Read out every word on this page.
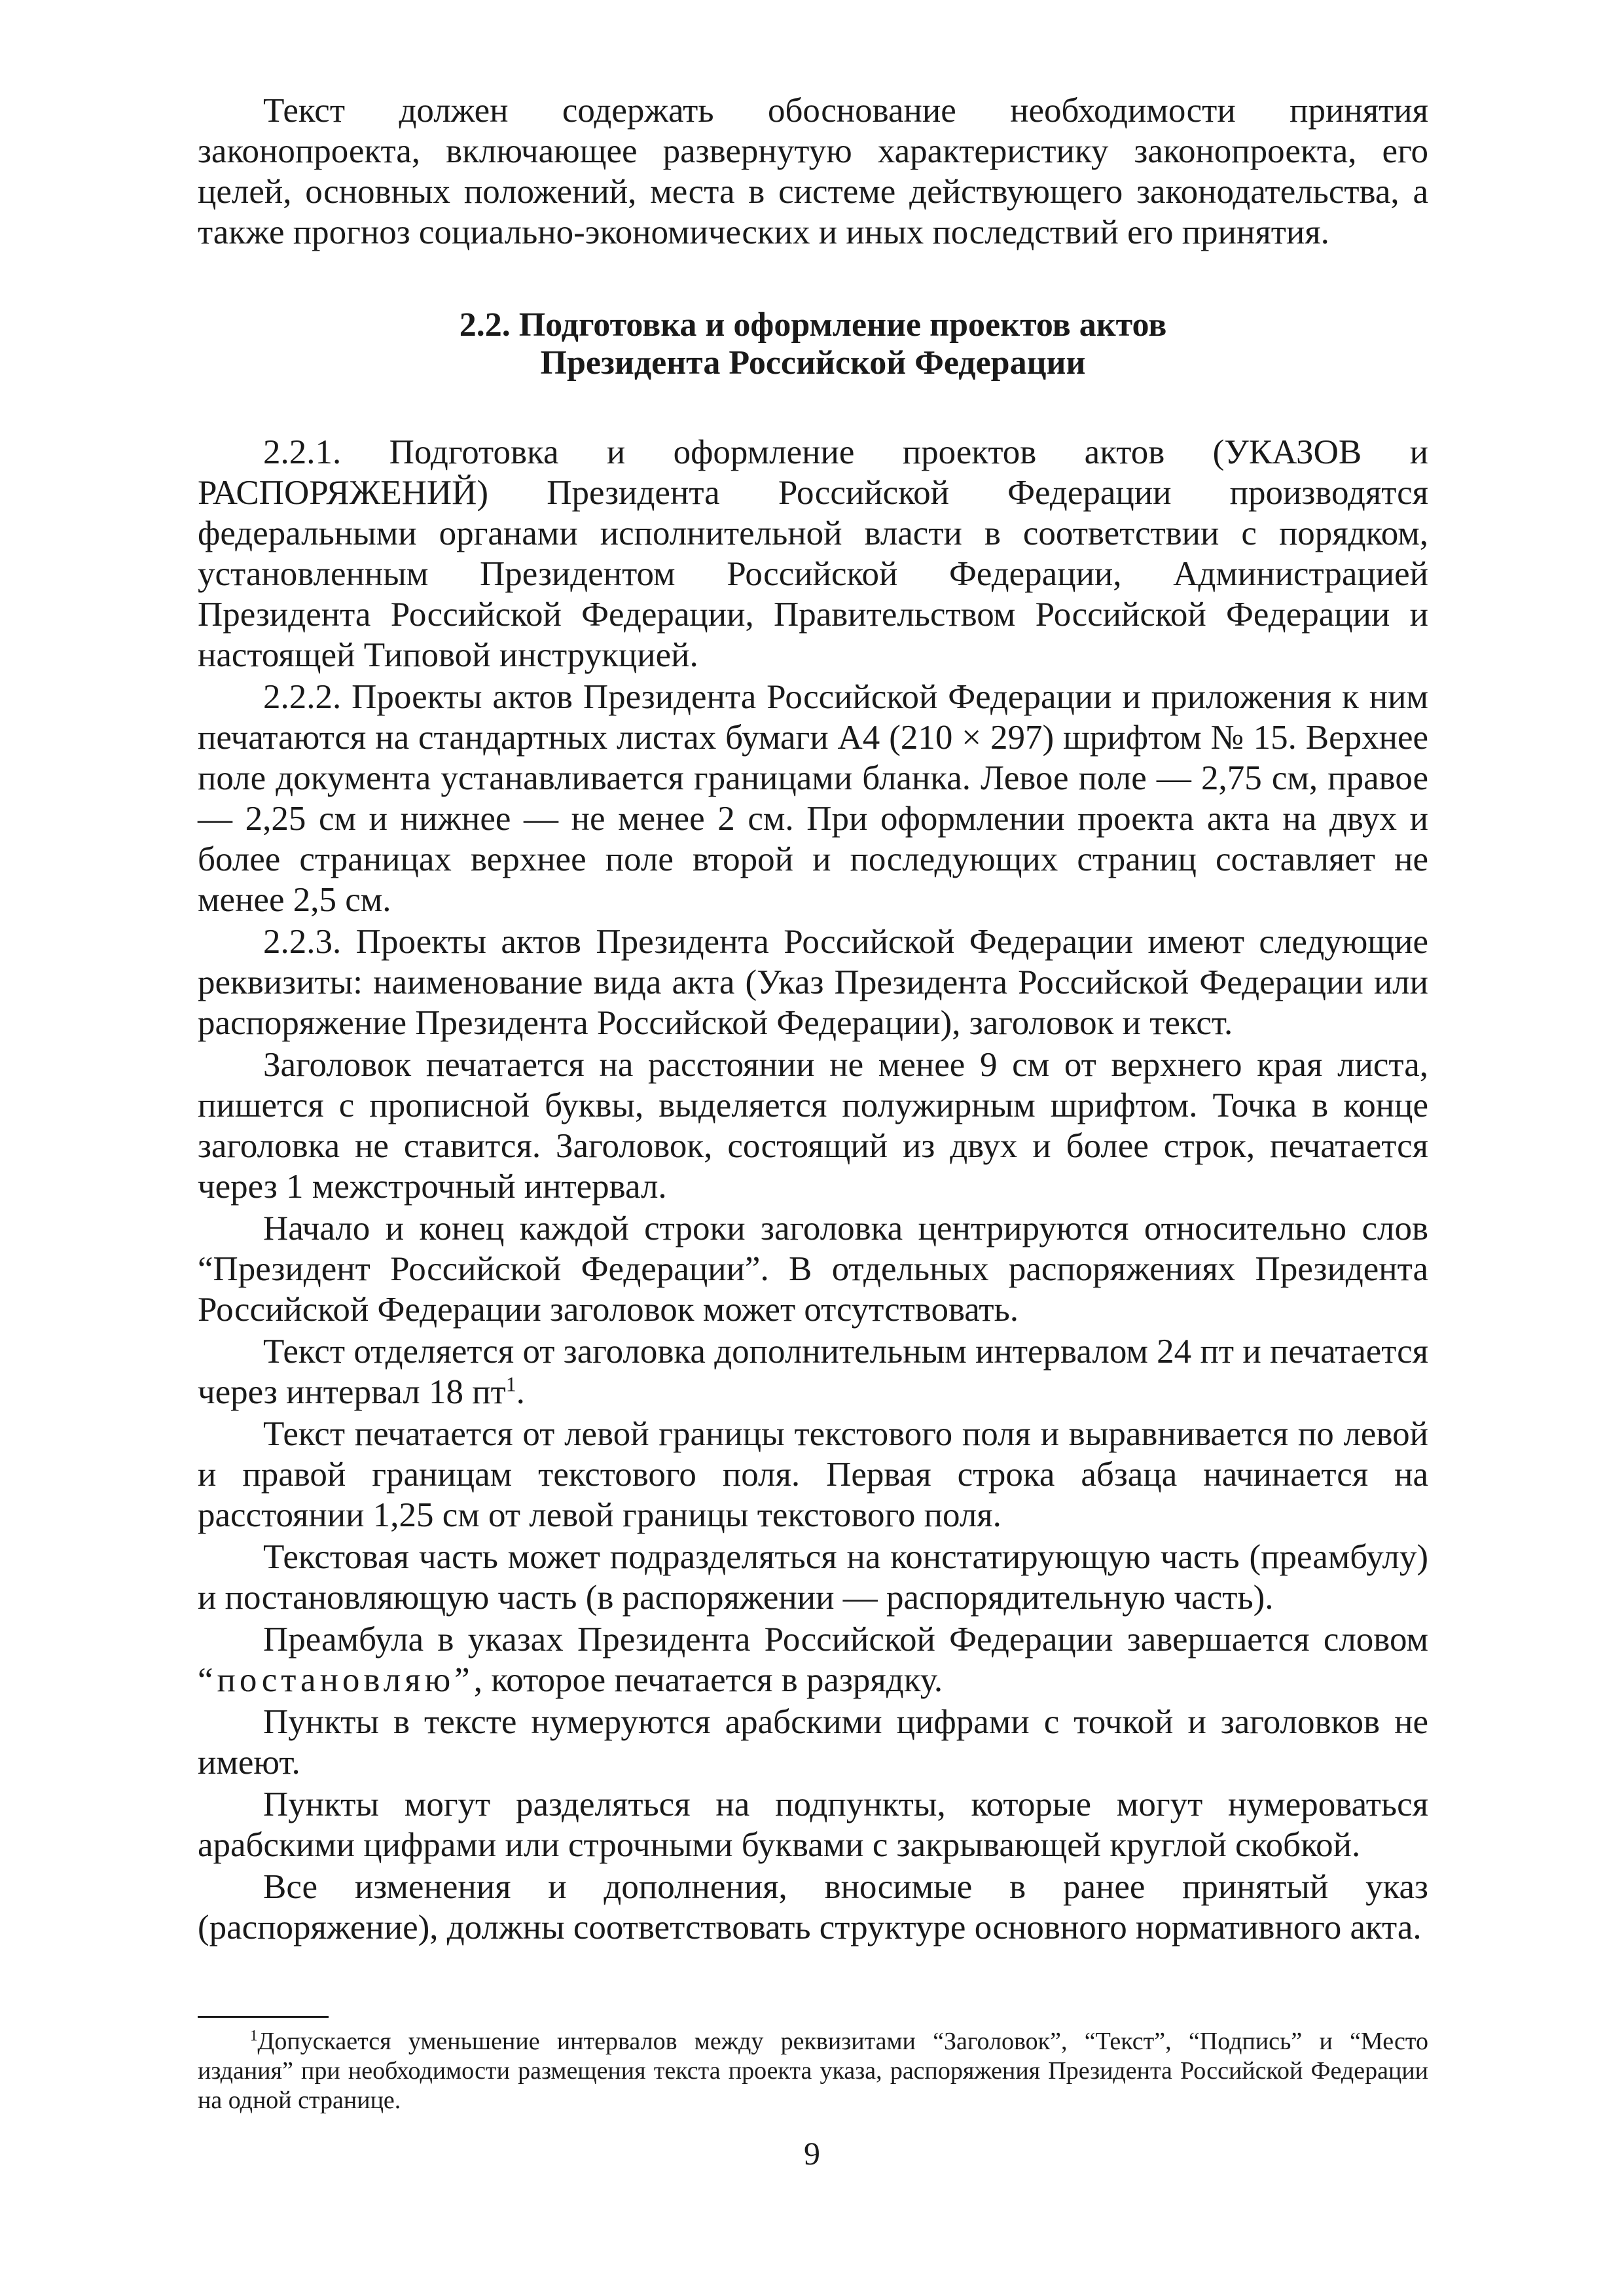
Текст должен содержать обоснование необходимости принятия законопроекта, включающее развернутую характеристику законопроекта, его целей, основных положений, места в системе действующего законодательства, а также прогноз социально-экономических и иных последствий его принятия.

2.2. Подготовка и оформление проектов актов
Президента Российской Федерации

2.2.1. Подготовка и оформление проектов актов (УКАЗОВ и РАСПОРЯЖЕНИЙ) Президента Российской Федерации производятся федеральными органами исполнительной власти в соответствии с порядком, установленным Президентом Российской Федерации, Администрацией Президента Российской Федерации, Правительством Российской Федерации и настоящей Типовой инструкцией.

2.2.2. Проекты актов Президента Российской Федерации и приложения к ним печатаются на стандартных листах бумаги А4 (210 × 297) шрифтом № 15. Верхнее поле документа устанавливается границами бланка. Левое поле — 2,75 см, правое — 2,25 см и нижнее — не менее 2 см. При оформлении проекта акта на двух и более страницах верхнее поле второй и последующих страниц составляет не менее 2,5 см.

2.2.3. Проекты актов Президента Российской Федерации имеют следующие реквизиты: наименование вида акта (Указ Президента Российской Федерации или распоряжение Президента Российской Федерации), заголовок и текст.

Заголовок печатается на расстоянии не менее 9 см от верхнего края листа, пишется с прописной буквы, выделяется полужирным шрифтом. Точка в конце заголовка не ставится. Заголовок, состоящий из двух и более строк, печатается через 1 межстрочный интервал.

Начало и конец каждой строки заголовка центрируются относительно слов “Президент Российской Федерации”. В отдельных распоряжениях Президента Российской Федерации заголовок может отсутствовать.

Текст отделяется от заголовка дополнительным интервалом 24 пт и печатается через интервал 18 $пт^1$.

Текст печатается от левой границы текстового поля и выравнивается по левой и правой границам текстового поля. Первая строка абзаца начинается на расстоянии 1,25 см от левой границы текстового поля.

Текстовая часть может подразделяться на констатирующую часть (преамбулу) и постановляющую часть (в распоряжении — распорядительную часть).

Преамбула в указах Президента Российской Федерации завершается словом “постановляю”, которое печатается в разрядку.

Пункты в тексте нумеруются арабскими цифрами с точкой и заголовков не имеют.

Пункты могут разделяться на подпункты, которые могут нумероваться арабскими цифрами или строчными буквами с закрывающей круглой скобкой.

Все изменения и дополнения, вносимые в ранее принятый указ (распоряжение), должны соответствовать структуре основного нормативного акта.

$^1$Допускается уменьшение интервалов между реквизитами “Заголовок”, “Текст”, “Подпись” и “Место издания” при необходимости размещения текста проекта указа, распоряжения Президента Российской Федерации на одной странице.

9
